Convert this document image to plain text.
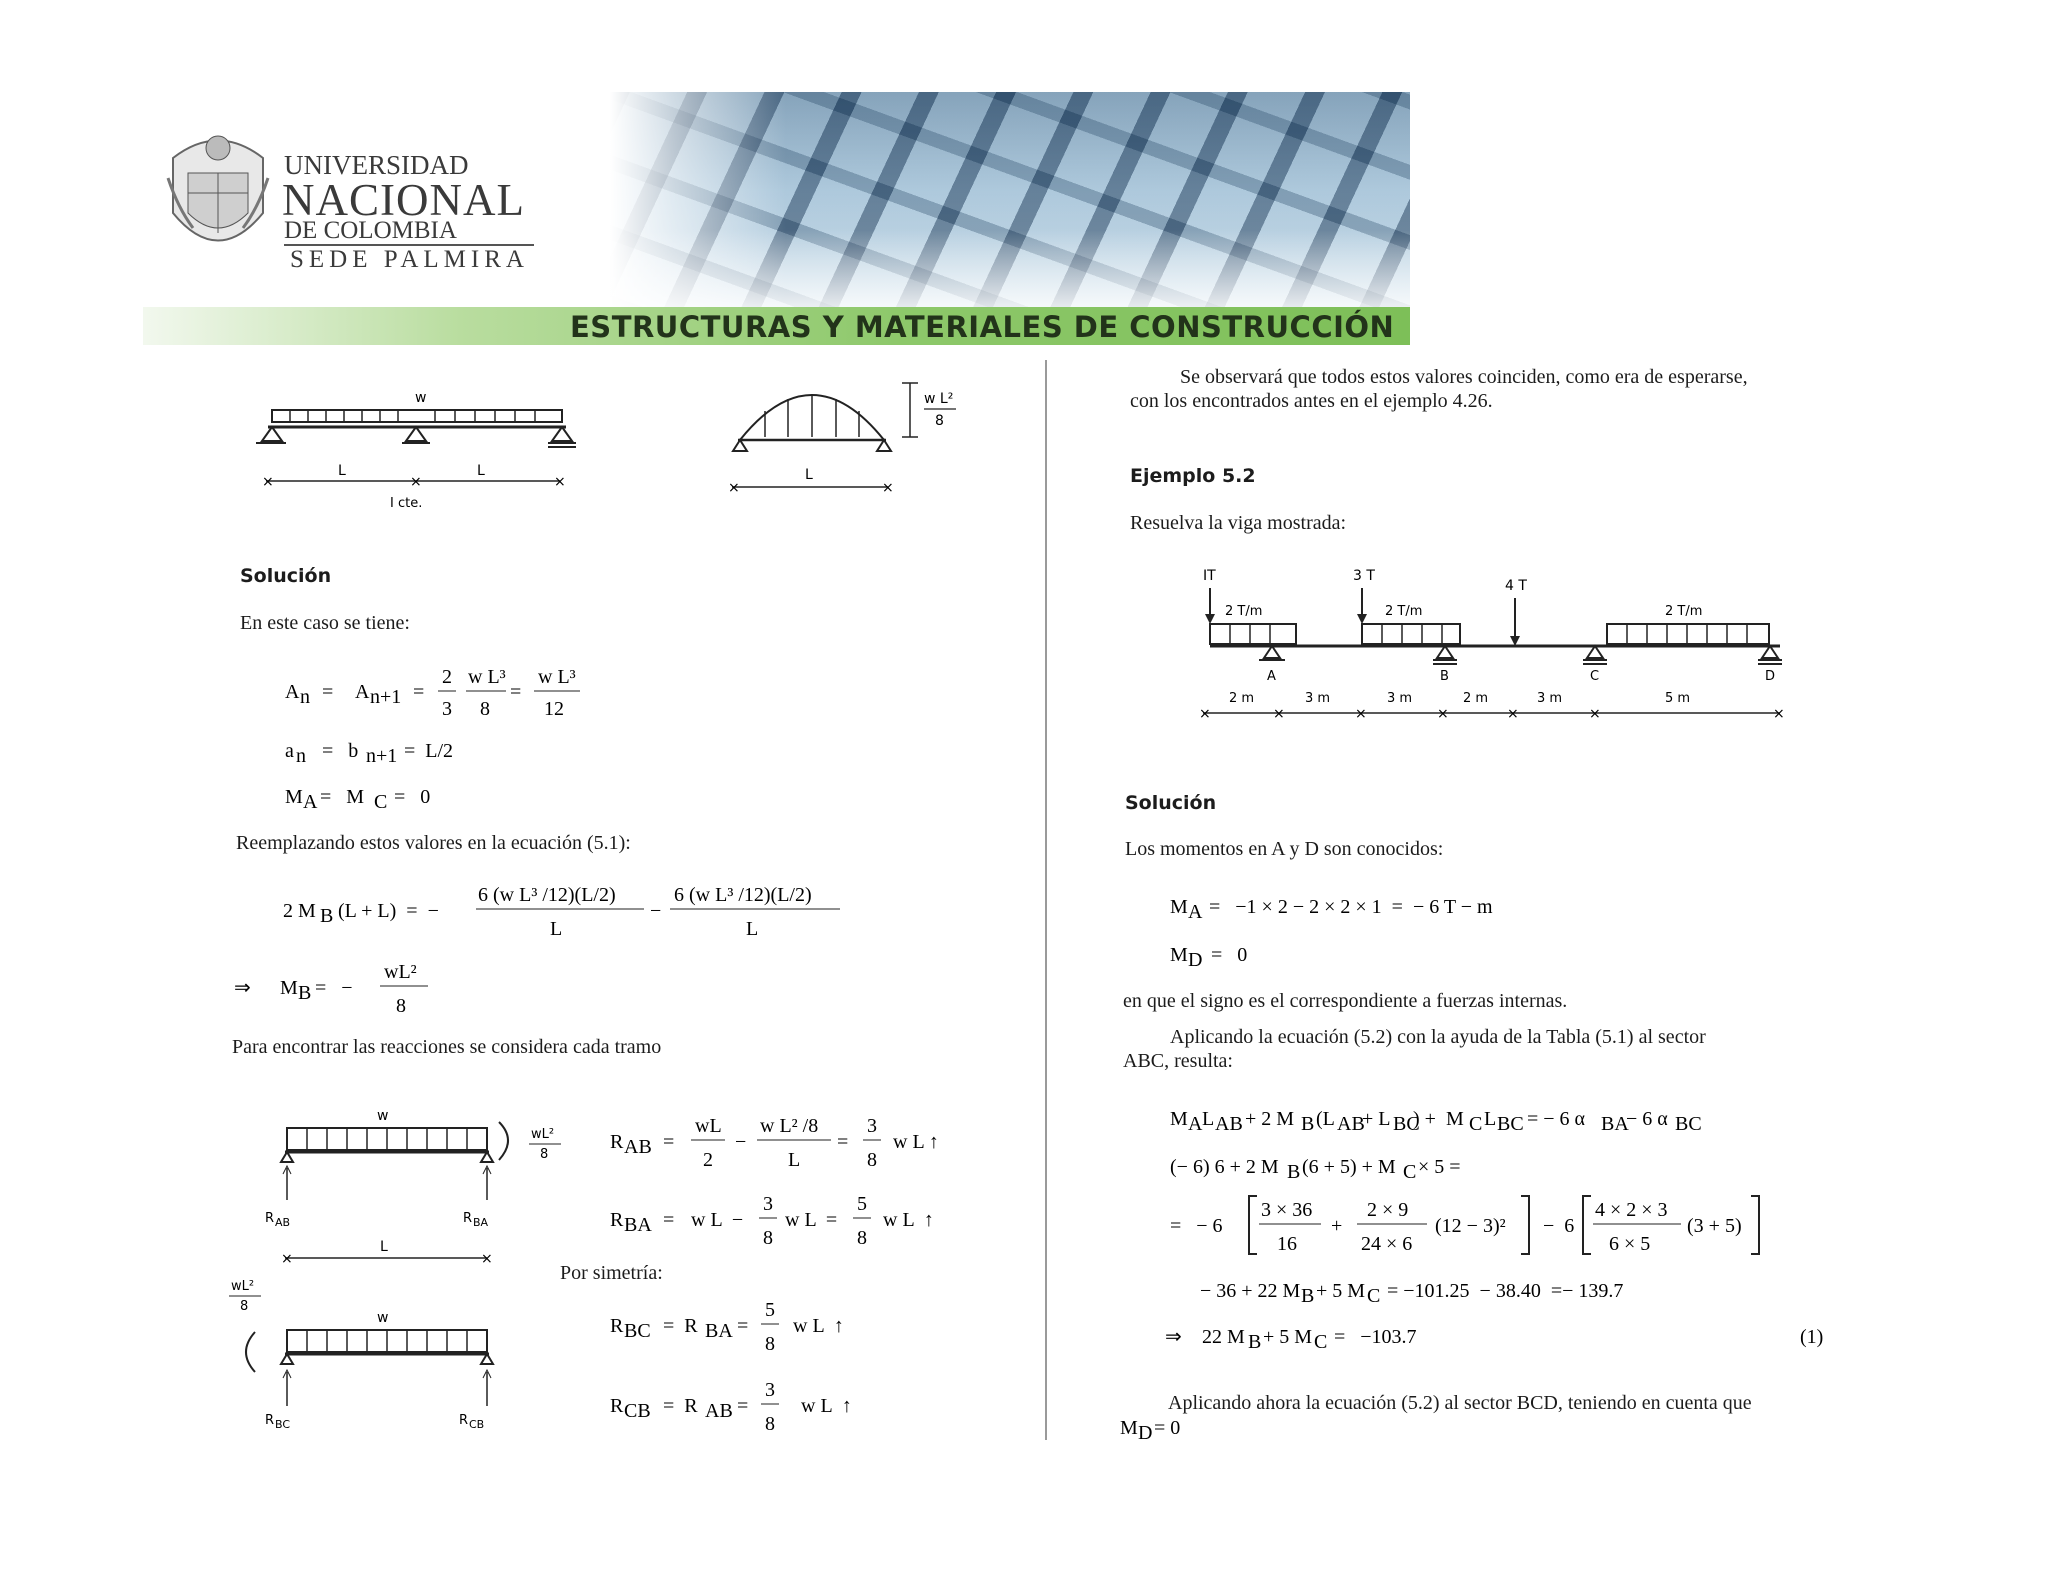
ESTRUCTURAS Y MATERIALES DE CONSTRUCCIÓN
UNIVERSIDAD
NACIONAL
DE COLOMBIA
SEDE PALMIRA
×	×	×
w
L	L
I cte.
w L²
8
×	×
L
Solución
En este caso se tiene:
A n = A n+1 =
2
3
w L³
8
=
w L³
12
a n =   b n+1 =  L/2
M A =   M C =   0
Reemplazando estos valores en la ecuación (5.1):
2 M B (L + L)  =  −
6 (w L³ /12)(L/2)
L
−
6 (w L³ /12)(L/2)
L
⇒ M B
=   −
wL²
8
Para encontrar las reacciones se considera cada tramo
w
wL²
8
R AB	R BA
×	×
L
wL²
8
w
R BC	R CB
R AB =
wL
2
−
w L² /8
L
=
3
8
w L ↑
R BA = w L  −
3
8
w L  =
5
8
w L  ↑
Por simetría:
R BC =  R BA =
5
8
w L  ↑
R CB =  R AB =
3
8
w L  ↑
Se observará que todos estos valores coinciden, como era de esperarse,
con los encontrados antes en el ejemplo 4.26.
Ejemplo 5.2
Resuelva la viga mostrada:
IT	3 T
4 T
2 T/m	2 T/m	2 T/m
A	B	C	D
×	×	×	×	×	×	×
2 m	3 m	3 m	2 m	3 m	5 m
Solución
Los momentos en A y D son conocidos:
M A
=   −1 × 2 − 2 × 2 × 1  =  − 6 T − m
M D
=   0
en que el signo es el correspondiente a fuerzas internas.
Aplicando la ecuación (5.2) con la ayuda de la Tabla (5.1) al sector
ABC, resulta:
M A
L AB
+ 2 M B
(L AB
+ L BC
) +  M C
L BC
= − 6 α BA
− 6 α BC
(− 6) 6 + 2 M B
(6 + 5) + M C
× 5 =
=   − 6
3 × 36
16
+
2 × 9
24 × 6
(12 − 3)² −  6
4 × 2 × 3
6 × 5
(3 + 5)
− 36 + 22 M B
+ 5 M C
= −101.25  − 38.40  =− 139.7
⇒ 22 M B
+ 5 M C
=   −103.7	(1)
Aplicando ahora la ecuación (5.2) al sector BCD, teniendo en cuenta que
M D
= 0
